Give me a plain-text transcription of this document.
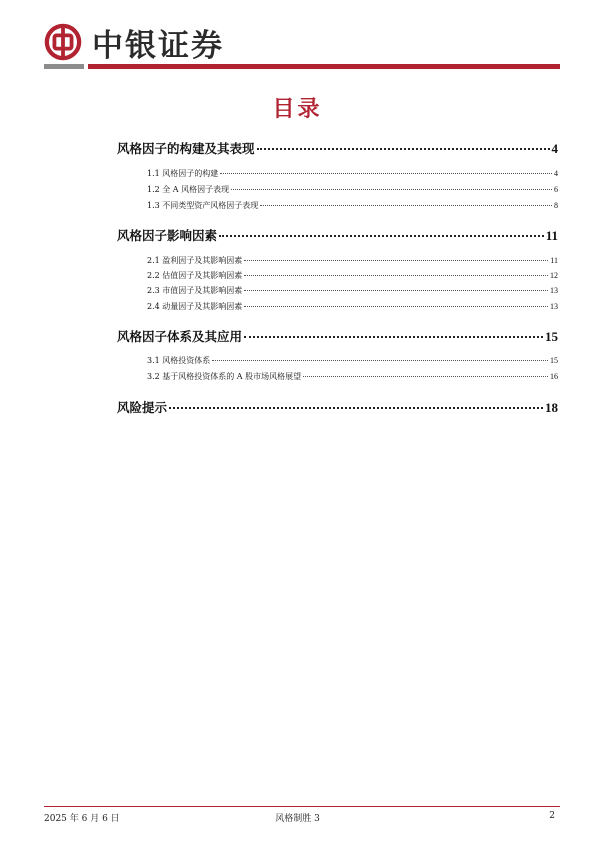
中银证券
目录
风格因子的构建及其表现	4
1.1 风格因子的构建	4
1.2 全 A 风格因子表现	6
1.3 不同类型资产风格因子表现	8
风格因子影响因素	11
2.1 盈利因子及其影响因素	11
2.2 估值因子及其影响因素	12
2.3 市值因子及其影响因素	13
2.4 动量因子及其影响因素	13
风格因子体系及其应用	15
3.1 风格投资体系	15
3.2 基于风格投资体系的 A 股市场风格展望	16
风险提示	18
2025 年 6 月 6 日	风格制胜 3	2
